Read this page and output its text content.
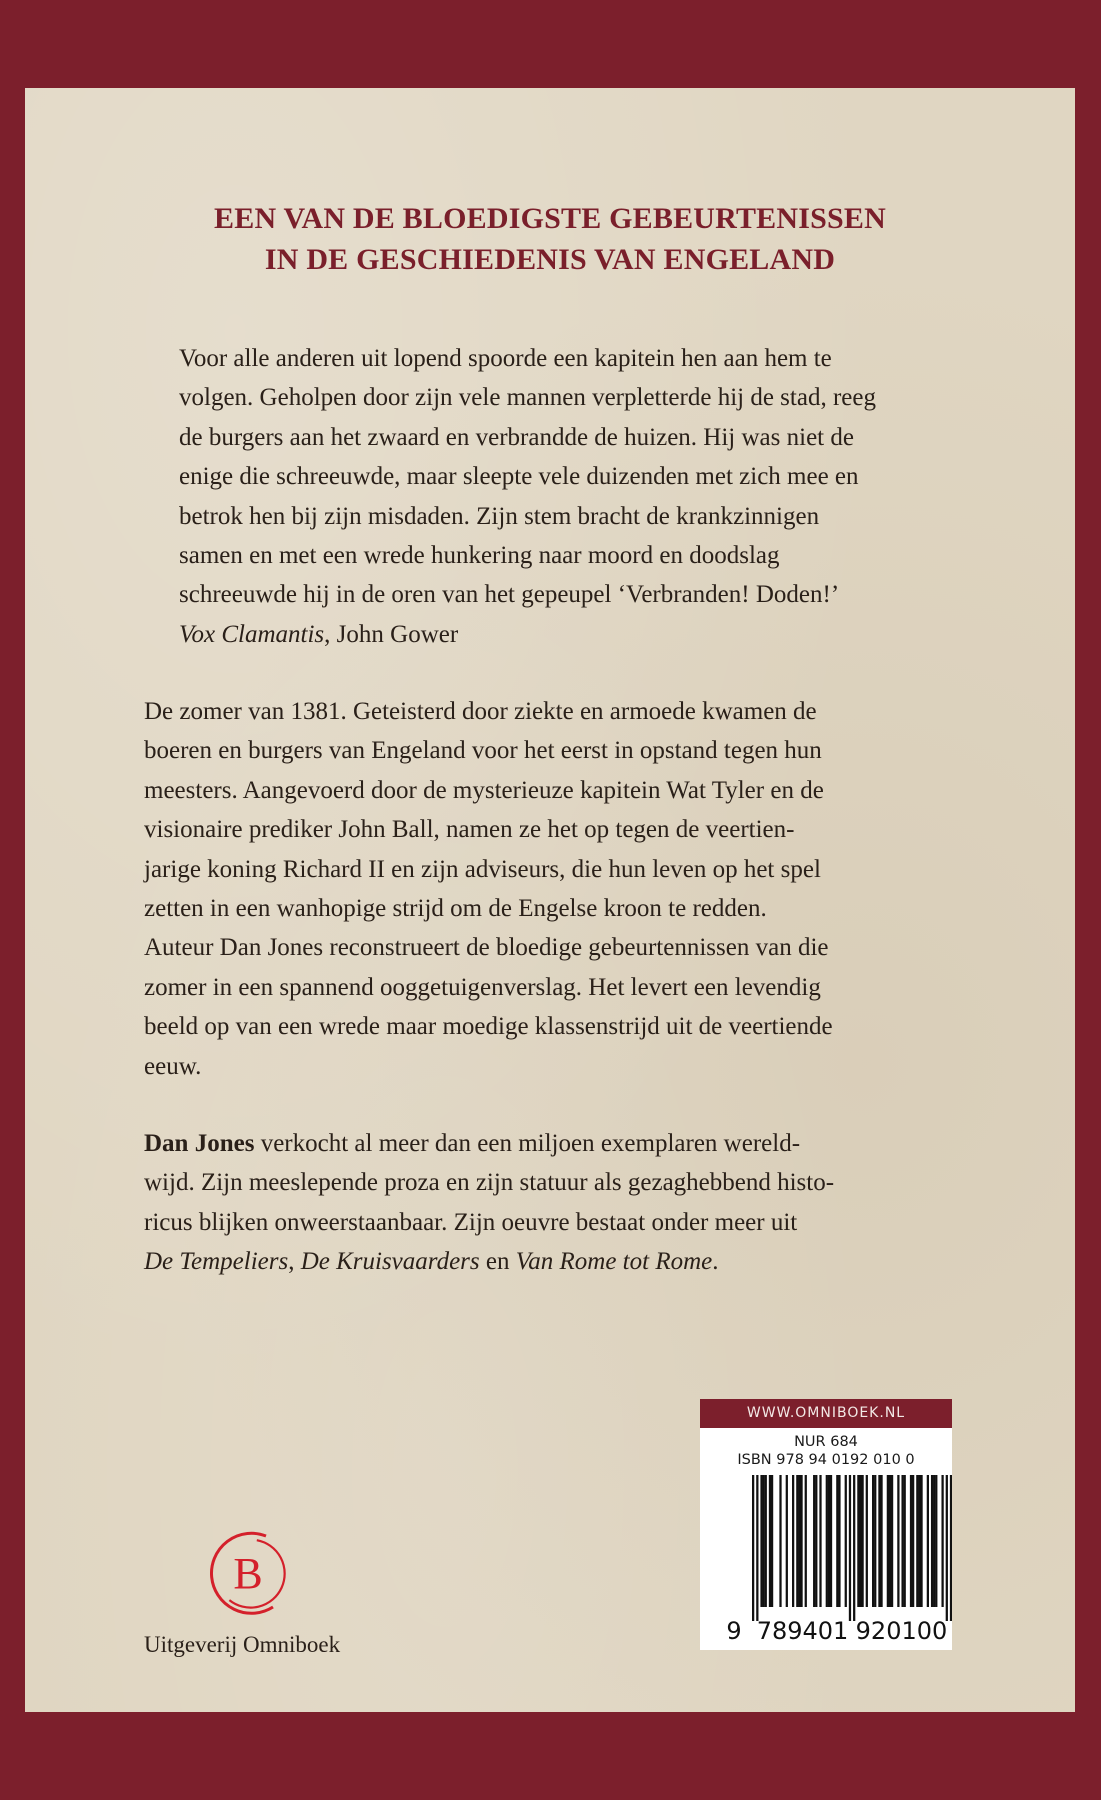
EEN VAN DE BLOEDIGSTE GEBEURTENISSEN
IN DE GESCHIEDENIS VAN ENGELAND
Voor alle anderen uit lopend spoorde een kapitein hen aan hem te
volgen. Geholpen door zijn vele mannen verpletterde hij de stad, reeg
de burgers aan het zwaard en verbrandde de huizen. Hij was niet de
enige die schreeuwde, maar sleepte vele duizenden met zich mee en
betrok hen bij zijn misdaden. Zijn stem bracht de krankzinnigen
samen en met een wrede hunkering naar moord en doodslag
schreeuwde hij in de oren van het gepeupel ‘Verbranden! Doden!’
Vox Clamantis, John Gower
De zomer van 1381. Geteisterd door ziekte en armoede kwamen de
boeren en burgers van Engeland voor het eerst in opstand tegen hun
meesters. Aangevoerd door de mysterieuze kapitein Wat Tyler en de
visionaire prediker John Ball, namen ze het op tegen de veertien-
jarige koning Richard II en zijn adviseurs, die hun leven op het spel
zetten in een wanhopige strijd om de Engelse kroon te redden.
Auteur Dan Jones reconstrueert de bloedige gebeurtennissen van die
zomer in een spannend ooggetuigenverslag. Het levert een levendig
beeld op van een wrede maar moedige klassenstrijd uit de veertiende
eeuw.
Dan Jones verkocht al meer dan een miljoen exemplaren wereld-
wijd. Zijn meeslepende proza en zijn statuur als gezaghebbend histo-
ricus blijken onweerstaanbaar. Zijn oeuvre bestaat onder meer uit
De Tempeliers, De Kruisvaarders en Van Rome tot Rome.
B
Uitgeverij Omniboek
WWW.OMNIBOEK.NL
NUR 684
ISBN 978 94 0192 010 0
9 789401 920100
